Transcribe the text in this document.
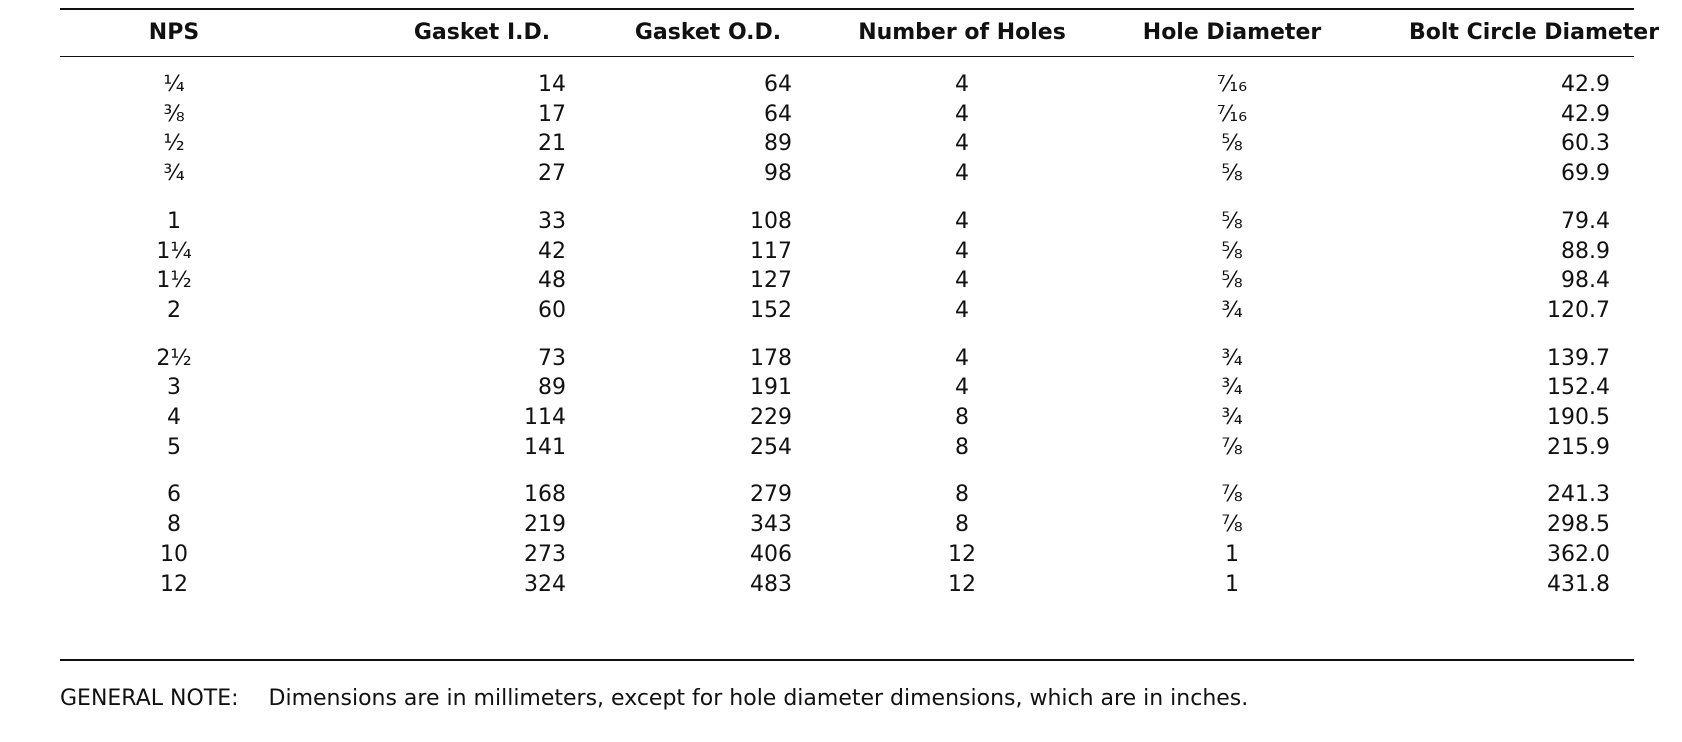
NPS	Gasket I.D.	Gasket O.D.	Number of Holes	Hole Diameter	Bolt Circle Diameter
¼	14	64	4	⁷⁄₁₆	42.9
⅜	17	64	4	⁷⁄₁₆	42.9
½	21	89	4	⅝	60.3
¾	27	98	4	⅝	69.9
1	33	108	4	⅝	79.4
1¼	42	117	4	⅝	88.9
1½	48	127	4	⅝	98.4
2	60	152	4	¾	120.7
2½	73	178	4	¾	139.7
3	89	191	4	¾	152.4
4	114	229	8	¾	190.5
5	141	254	8	⅞	215.9
6	168	279	8	⅞	241.3
8	219	343	8	⅞	298.5
10	273	406	12	1	362.0
12	324	483	12	1	431.8
GENERAL NOTE: Dimensions are in millimeters, except for hole diameter dimensions, which are in inches.
